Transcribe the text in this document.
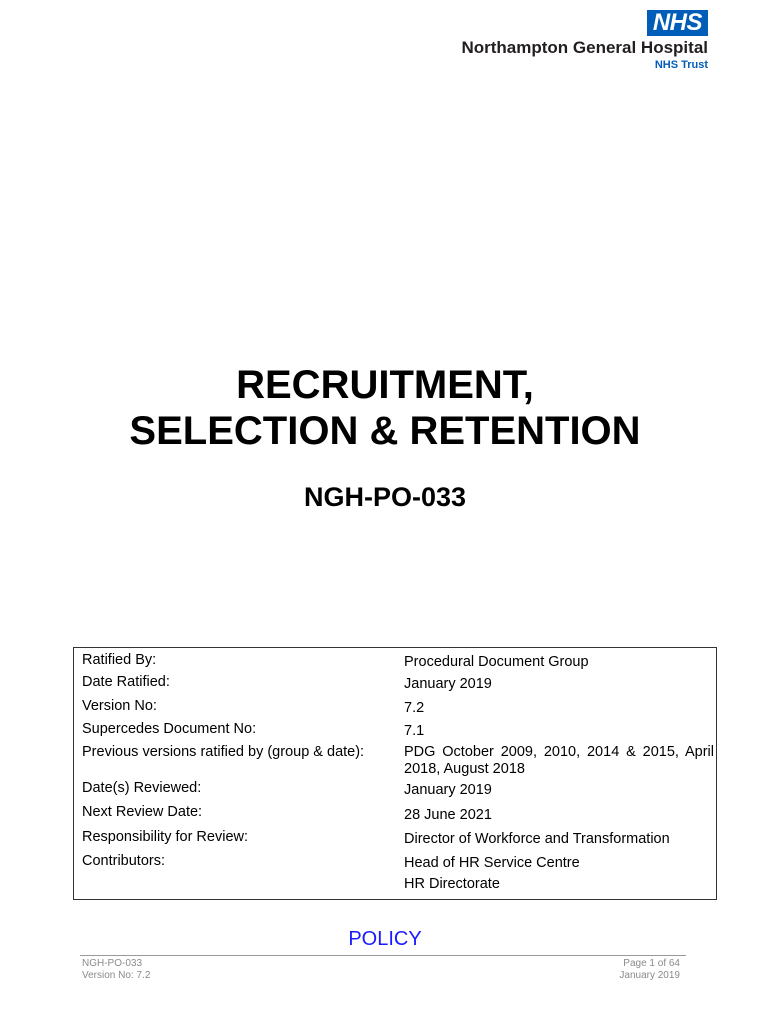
NHS
Northampton General Hospital
NHS Trust
RECRUITMENT,
SELECTION & RETENTION
NGH-PO-033
Ratified By:	Procedural Document Group
Date Ratified:	January 2019
Version No:	7.2
Supercedes Document No:	7.1
Previous versions ratified by (group & date):	PDG October 2009, 2010, 2014 & 2015, April 2018, August 2018
Date(s) Reviewed:	January 2019
Next Review Date:	28 June 2021
Responsibility for Review:	Director of Workforce and Transformation
Contributors:	Head of HR Service Centre
HR Directorate
POLICY
NGH-PO-033
Version No: 7.2
Page 1 of 64
January 2019
